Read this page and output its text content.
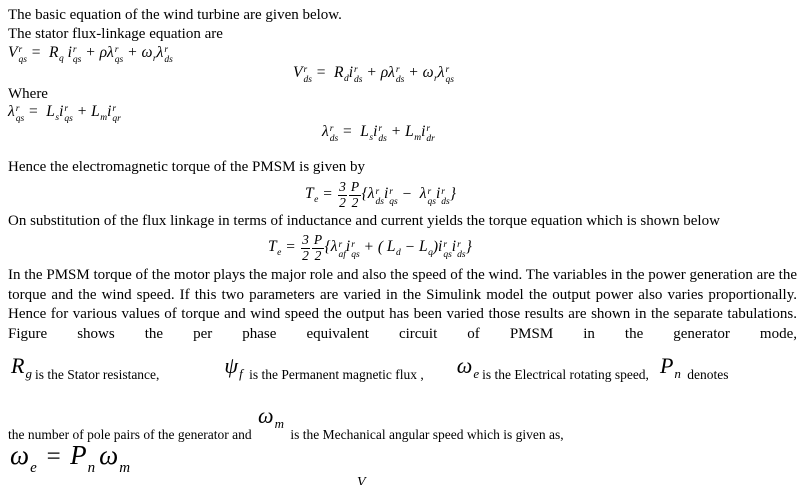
The basic equation of the wind turbine are given below.
The stator flux-linkage equation are
V r
qs =  $R_q$ i r
qs + ρλ r
qs + $\omega_r\lambda$ r
ds
V r
ds =  $R_di$ r
ds + ρλ r
ds + $\omega_r\lambda$ r
qs
Where
λ r
qs =  $L_si$ r
qs + $L_mi$ r
qr
λ r
ds =  $L_si$ r
ds + $L_mi$ r
dr
Hence the electromagnetic torque of the PMSM is given by
$T_e = \frac{3}{2} \frac{P}{2} \{\lambda$ r
ds i r
qs −  λ r
qs i r
ds }
On substitution of the flux linkage in terms of inductance and current yields the torque equation which is shown below
$T_e = \frac{3}{2} \frac{P}{2} \{\lambda$ r
af i r
qs + ( $L_d - L_q)i$ r
qs i r
ds }
In the PMSM torque of the motor plays the major role and also the speed of the wind. The variables in the power generation are the torque and the wind speed. If this two parameters are varied in the Simulink model the output power also varies proportionally. Hence for various values of torque and wind speed the output has been varied those results are shown in the separate tabulations. Figure shows the per phase equivalent circuit of PMSM in the generator mode,
$R_g$ is the Stator resistance,	$\psi_f$ is the Permanent magnetic flux , $\omega_e$ is the Electrical rotating speed, $P_n$ denotes
the number of pole pairs of the generator and $\omega_m$ is the Mechanical angular speed which is given as,
$\omega_e = P_n$ $\omega_m$
V
